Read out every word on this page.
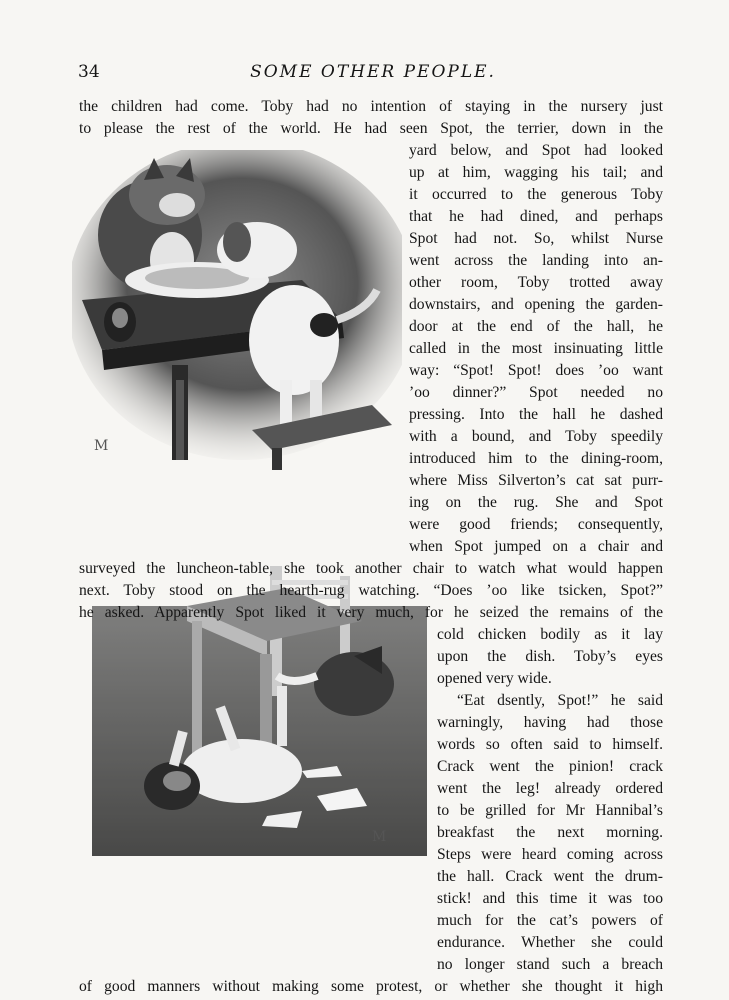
34	SOME OTHER PEOPLE.
M
M
the children had come. Toby had no intention of staying in the nursery just
to please the rest of the world. He had seen Spot, the terrier, down in the
yard below, and Spot had looked
up at him, wagging his tail; and
it occurred to the generous Toby
that he had dined, and perhaps
Spot had not. So, whilst Nurse
went across the landing into an-
other room, Toby trotted away
downstairs, and opening the garden-
door at the end of the hall, he
called in the most insinuating little
way: “Spot! Spot! does ’oo want
’oo dinner?” Spot needed no
pressing. Into the hall he dashed
with a bound, and Toby speedily
introduced him to the dining-room,
where Miss Silverton’s cat sat purr-
ing on the rug. She and Spot
were good friends; consequently,
when Spot jumped on a chair and
surveyed the luncheon-table, she took another chair to watch what would happen
next. Toby stood on the hearth-rug watching. “Does ’oo like tsicken, Spot?”
he asked. Apparently Spot liked it very much, for he seized the remains of the
cold chicken bodily as it lay
upon the dish. Toby’s eyes
opened very wide.
“Eat dsently, Spot!” he said
warningly, having had those
words so often said to himself.
Crack went the pinion! crack
went the leg! already ordered
to be grilled for Mr Hannibal’s
breakfast the next morning.
Steps were heard coming across
the hall. Crack went the drum-
stick! and this time it was too
much for the cat’s powers of
endurance. Whether she could
no longer stand such a breach
of good manners without making some protest, or whether she thought it high
